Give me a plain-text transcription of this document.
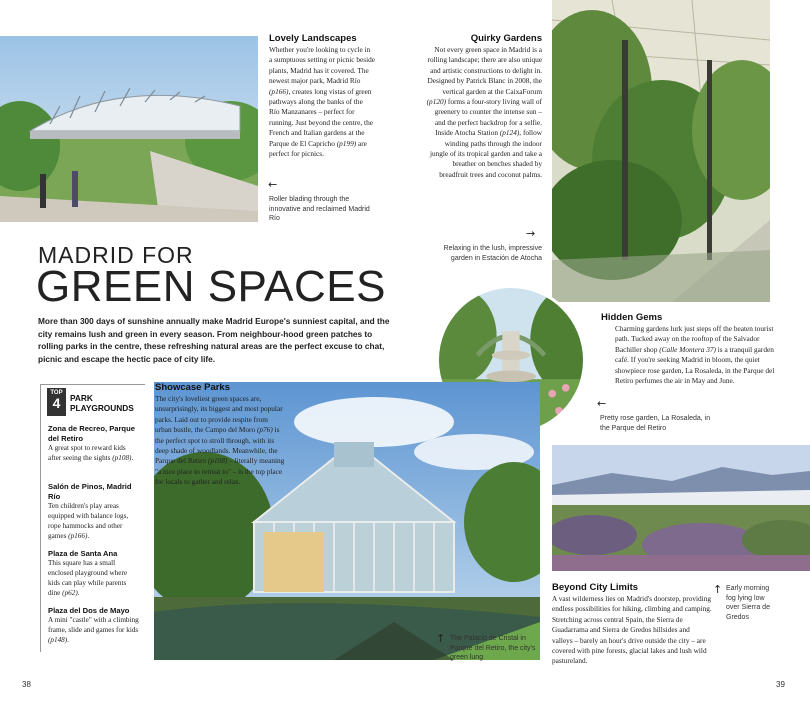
Lovely Landscapes
Whether you're looking to cycle in a sumptuous setting or picnic beside plants, Madrid has it covered. The newest major park, Madrid Río (p166), creates long vistas of green pathways along the banks of the Río Manzanares – perfect for running. Just beyond the centre, the French and Italian gardens at the Parque de El Capricho (p199) are perfect for picnics.
←
Roller blading through the innovative and reclaimed Madrid Río
Quirky Gardens
Not every green space in Madrid is a rolling landscape; there are also unique and artistic constructions to delight in. Designed by Patrick Blanc in 2008, the vertical garden at the CaixaForum (p120) forms a four-story living wall of greenery to counter the intense sun – and the perfect backdrop for a selfie. Inside Atocha Station (p124), follow winding paths through the indoor jungle of its tropical garden and take a breather on benches shaded by breadfruit trees and coconut palms.
→
Relaxing in the lush, impressive garden in Estación de Atocha
MADRID FOR
GREEN SPACES
More than 300 days of sunshine annually make Madrid Europe's sunniest capital, and the city remains lush and green in every season. From neighbour-hood green patches to rolling parks in the centre, these refreshing natural areas are the perfect excuse to chat, picnic and escape the hectic pace of city life.
Hidden Gems
Charming gardens lurk just steps off the beaten tourist path. Tucked away on the rooftop of the Salvador Bachiller shop (Calle Montera 37) is a tranquil garden café. If you're seeking Madrid in bloom, the quiet showpiece rose garden, La Rosaleda, in the Parque del Retiro perfumes the air in May and June.
←
Pretty rose garden, La Rosaleda, in the Parque del Retiro
TOP
4	PARK
PLAYGROUNDS
Zona de Recreo, Parque del Retiro
A great spot to reward kids after seeing the sights (p108).
Salón de Pinos, Madrid Río
Ten children's play areas equipped with balance logs, rope hammocks and other games (p166).
Plaza de Santa Ana
This square has a small enclosed playground where kids can play while parents dine (p62).
Plaza del Dos de Mayo
A mini "castle" with a climbing frame, slide and games for kids (p148).
Showcase Parks
The city's loveliest green spaces are, unsurprisingly, its biggest and most popular parks. Laid out to provide respite from urban bustle, the Campo del Moro (p76) is the perfect spot to stroll through, with its deep shade of woodlands. Meanwhile, the Parque del Retiro (p108) – literally meaning "a nice place to retreat to" – is the top place for locals to gather and relax.
↑ The Palacio de Cristal in Parque del Retiro, the city's green lung
Beyond City Limits
A vast wilderness lies on Madrid's doorstep, providing endless possibilities for hiking, climbing and camping. Stretching across central Spain, the Sierra de Guadarrama and Sierra de Gredos hillsides and valleys – barely an hour's drive outside the city – are covered with pine forests, glacial lakes and lush wild pastureland.
↑ Early morning fog lying low over Sierra de Gredos
38	39
